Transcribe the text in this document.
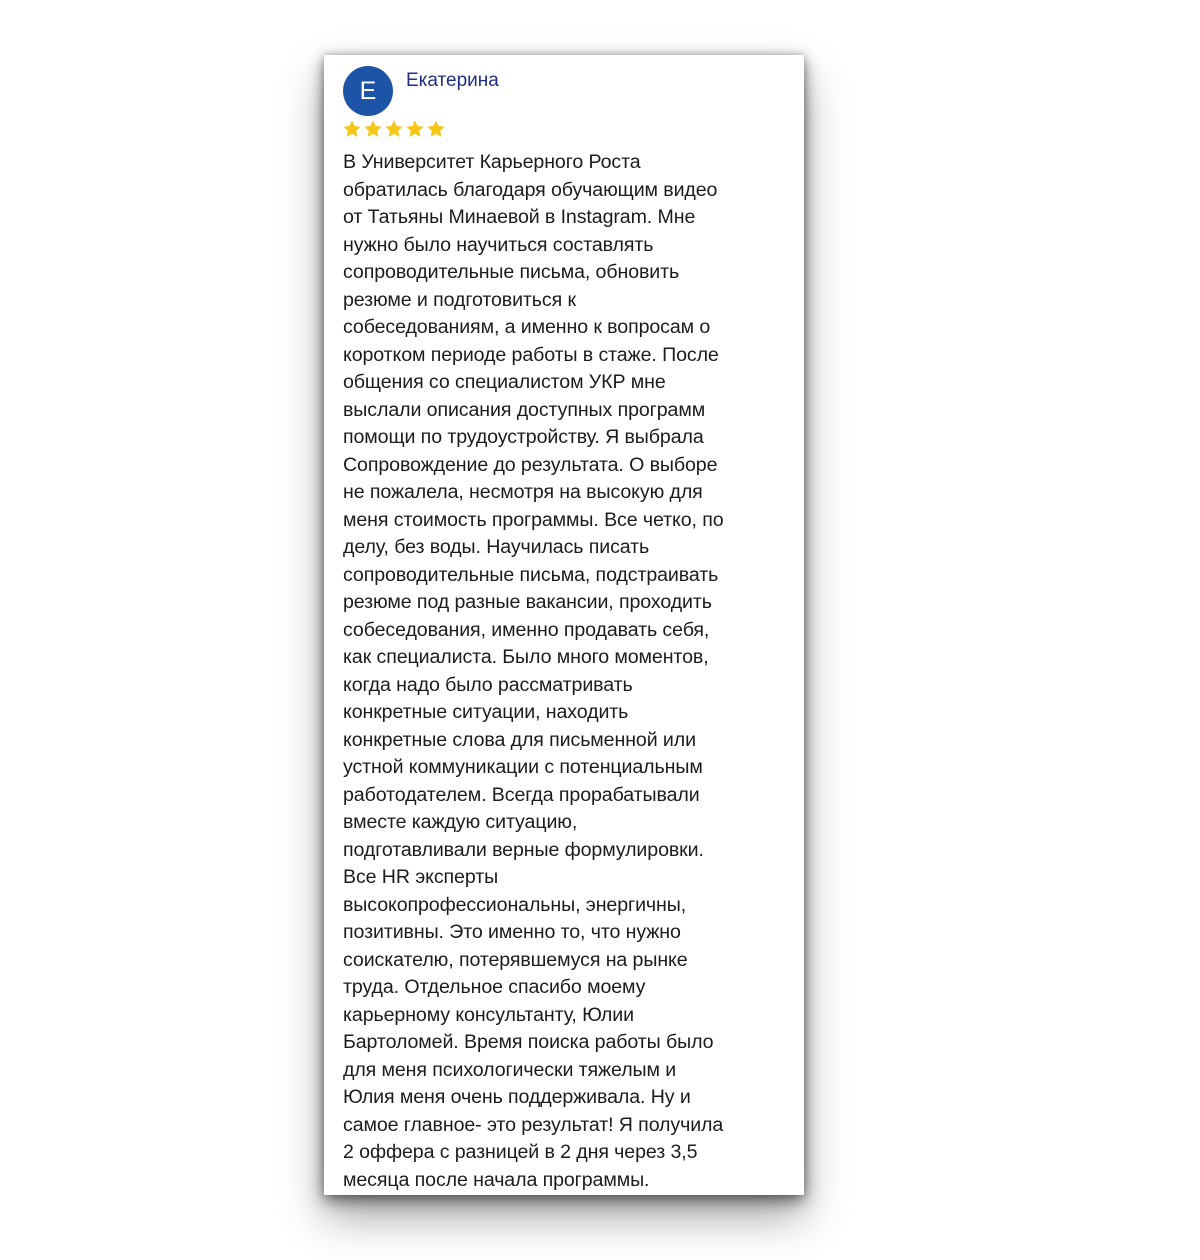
Е	Екатерина

В Университет Карьерного Роста
обратилась благодаря обучающим видео
от Татьяны Минаевой в Instagram. Мне
нужно было научиться составлять
сопроводительные письма, обновить
резюме и подготовиться к
собеседованиям, а именно к вопросам о
коротком периоде работы в стаже. После
общения со специалистом УКР мне
выслали описания доступных программ
помощи по трудоустройству. Я выбрала
Сопровождение до результата. О выборе
не пожалела, несмотря на высокую для
меня стоимость программы. Все четко, по
делу, без воды. Научилась писать
сопроводительные письма, подстраивать
резюме под разные вакансии, проходить
собеседования, именно продавать себя,
как специалиста. Было много моментов,
когда надо было рассматривать
конкретные ситуации, находить
конкретные слова для письменной или
устной коммуникации с потенциальным
работодателем. Всегда прорабатывали
вместе каждую ситуацию,
подготавливали верные формулировки.
Все HR эксперты
высокопрофессиональны, энергичны,
позитивны. Это именно то, что нужно
соискателю, потерявшемуся на рынке
труда. Отдельное спасибо моему
карьерному консультанту, Юлии
Бартоломей. Время поиска работы было
для меня психологически тяжелым и
Юлия меня очень поддерживала. Ну и
самое главное- это результат! Я получила
2 оффера с разницей в 2 дня через 3,5
месяца после начала программы.
